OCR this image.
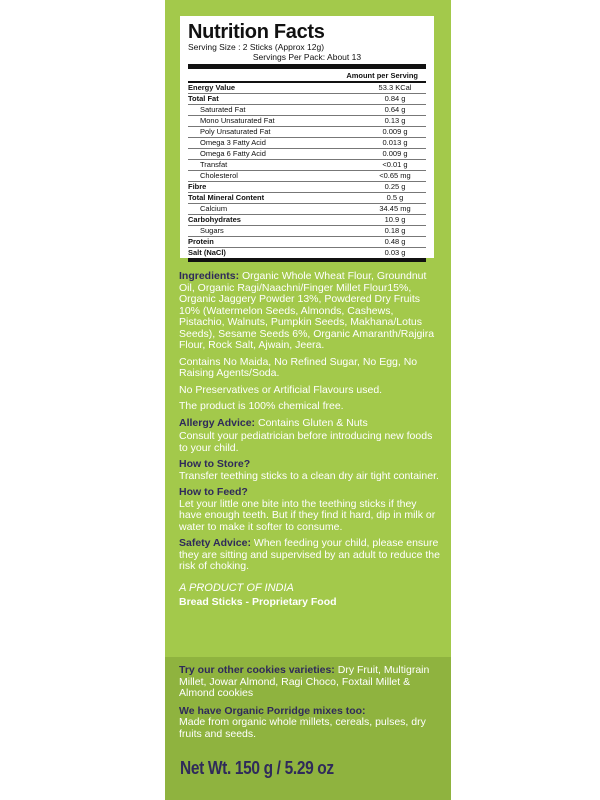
Nutrition Facts
Serving Size : 2 Sticks (Approx 12g)
Servings Per Pack: About 13
Amount per Serving
Energy Value	53.3 KCal
Total Fat	0.84 g
Saturated Fat	0.64 g
Mono Unsaturated Fat	0.13 g
Poly Unsaturated Fat	0.009 g
Omega 3 Fatty Acid	0.013 g
Omega 6 Fatty Acid	0.009 g
Transfat	<0.01 g
Cholesterol	<0.65 mg
Fibre	0.25 g
Total Mineral Content	0.5 g
Calcium	34.45 mg
Carbohydrates	10.9 g
Sugars	0.18 g
Protein	0.48 g
Salt (NaCl)	0.03 g

Ingredients: Organic Whole Wheat Flour, Groundnut Oil, Organic Ragi/Naachni/Finger Millet Flour15%, Organic Jaggery Powder 13%, Powdered Dry Fruits 10% (Watermelon Seeds, Almonds, Cashews, Pistachio, Walnuts, Pumpkin Seeds, Makhana/Lotus Seeds), Sesame Seeds 6%, Organic Amaranth/Rajgira Flour, Rock Salt, Ajwain, Jeera.

Contains No Maida, No Refined Sugar, No Egg, No Raising Agents/Soda.

No Preservatives or Artificial Flavours used.

The product is 100% chemical free.

Allergy Advice: Contains Gluten & Nuts

Consult your pediatrician before introducing new foods to your child.

How to Store?

Transfer teething sticks to a clean dry air tight container.

How to Feed?

Let your little one bite into the teething sticks if they have enough teeth. But if they find it hard, dip in milk or water to make it softer to consume.

Safety Advice: When feeding your child, please ensure they are sitting and supervised by an adult to reduce the risk of choking.

A PRODUCT OF INDIA

Bread Sticks - Proprietary Food

Try our other cookies varieties: Dry Fruit, Multigrain Millet, Jowar Almond, Ragi Choco, Foxtail Millet & Almond cookies

We have Organic Porridge mixes too:

Made from organic whole millets, cereals, pulses, dry fruits and seeds.

Net Wt. 150 g / 5.29 oz
